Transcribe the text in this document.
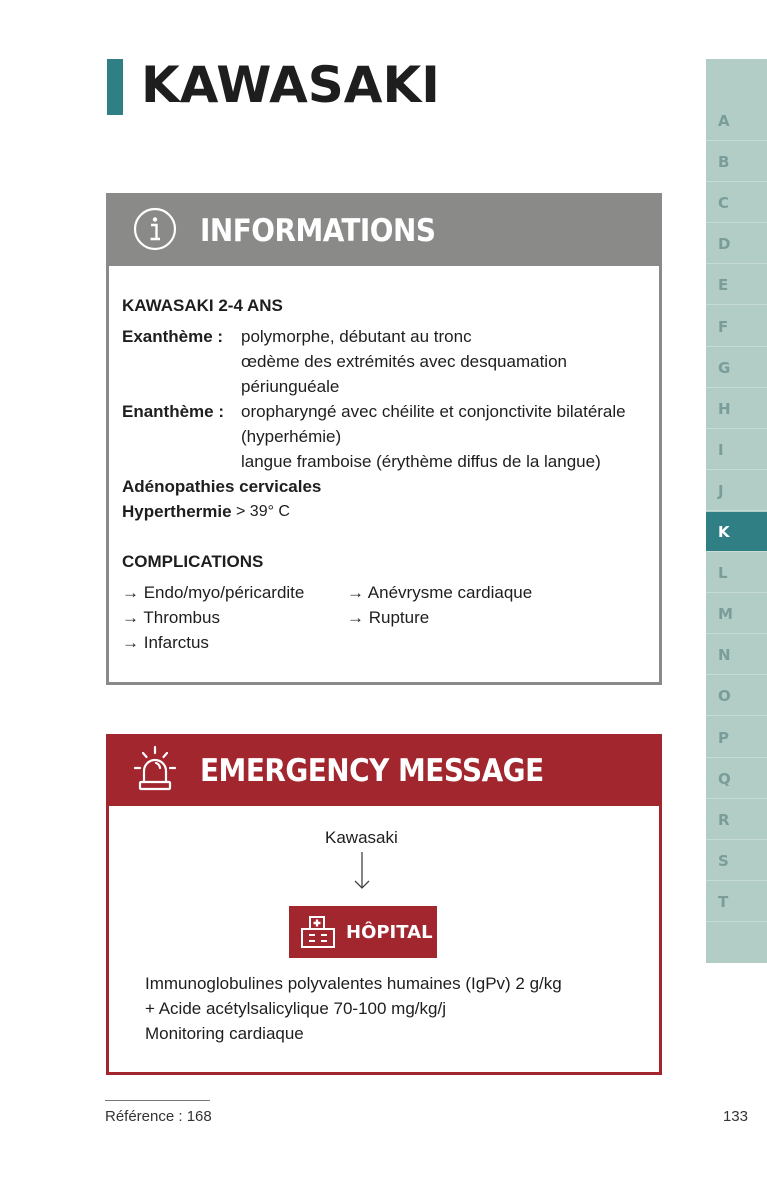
KAWASAKI
INFORMATIONS
KAWASAKI 2-4 ANS
Exanthème : polymorphe, débutant au tronc
œdème des extrémités avec desquamation
périunguéale
Enanthème : oropharyngé avec chéilite et conjonctivite bilatérale
(hyperhémie)
langue framboise (érythème diffus de la langue)
Adénopathies cervicales
Hyperthermie > 39° C
COMPLICATIONS
→ Endo/myo/péricardite
→ Thrombus
→ Infarctus
→ Anévrysme cardiaque
→ Rupture
EMERGENCY MESSAGE
Kawasaki
HÔPITAL
Immunoglobulines polyvalentes humaines (IgPv) 2 g/kg
+ Acide acétylsalicylique 70-100 mg/kg/j
Monitoring cardiaque
A
B
C
D
E
F
G
H
I
J
K
L
M
N
O
P
Q
R
S
T
Référence : 168	133
